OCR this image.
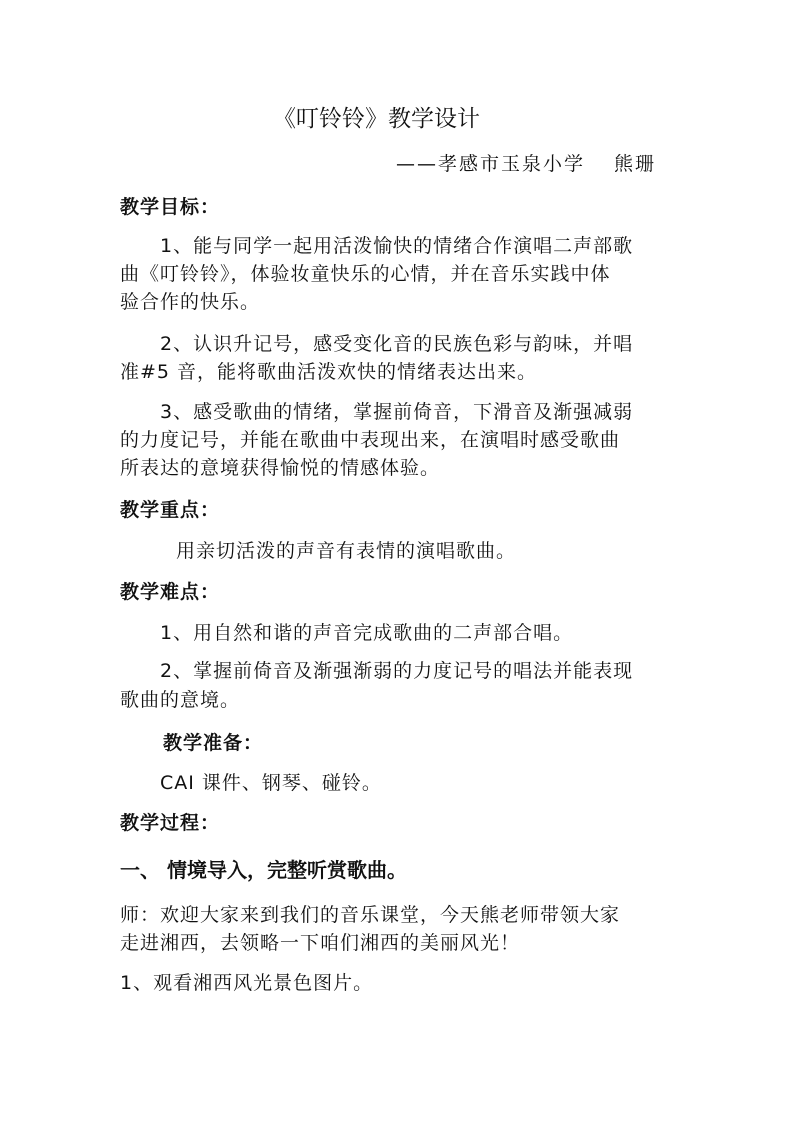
《叮铃铃》教学设计
——孝感市玉泉小学　 熊珊
教学目标：
1、能与同学一起用活泼愉快的情绪合作演唱二声部歌
曲《叮铃铃》，体验妆童快乐的心情，并在音乐实践中体
验合作的快乐。
2、认识升记号，感受变化音的民族色彩与韵味，并唱
准#5 音，能将歌曲活泼欢快的情绪表达出来。
3、感受歌曲的情绪，掌握前倚音，下滑音及渐强减弱
的力度记号，并能在歌曲中表现出来，在演唱时感受歌曲
所表达的意境获得愉悦的情感体验。
教学重点：
用亲切活泼的声音有表情的演唱歌曲。
教学难点：
1、用自然和谐的声音完成歌曲的二声部合唱。
2、掌握前倚音及渐强渐弱的力度记号的唱法并能表现
歌曲的意境。
教学准备：
CAI 课件、钢琴、碰铃。
教学过程：
一、 情境导入，完整听赏歌曲。
师：欢迎大家来到我们的音乐课堂，今天熊老师带领大家
走进湘西，去领略一下咱们湘西的美丽风光！
1、观看湘西风光景色图片。
